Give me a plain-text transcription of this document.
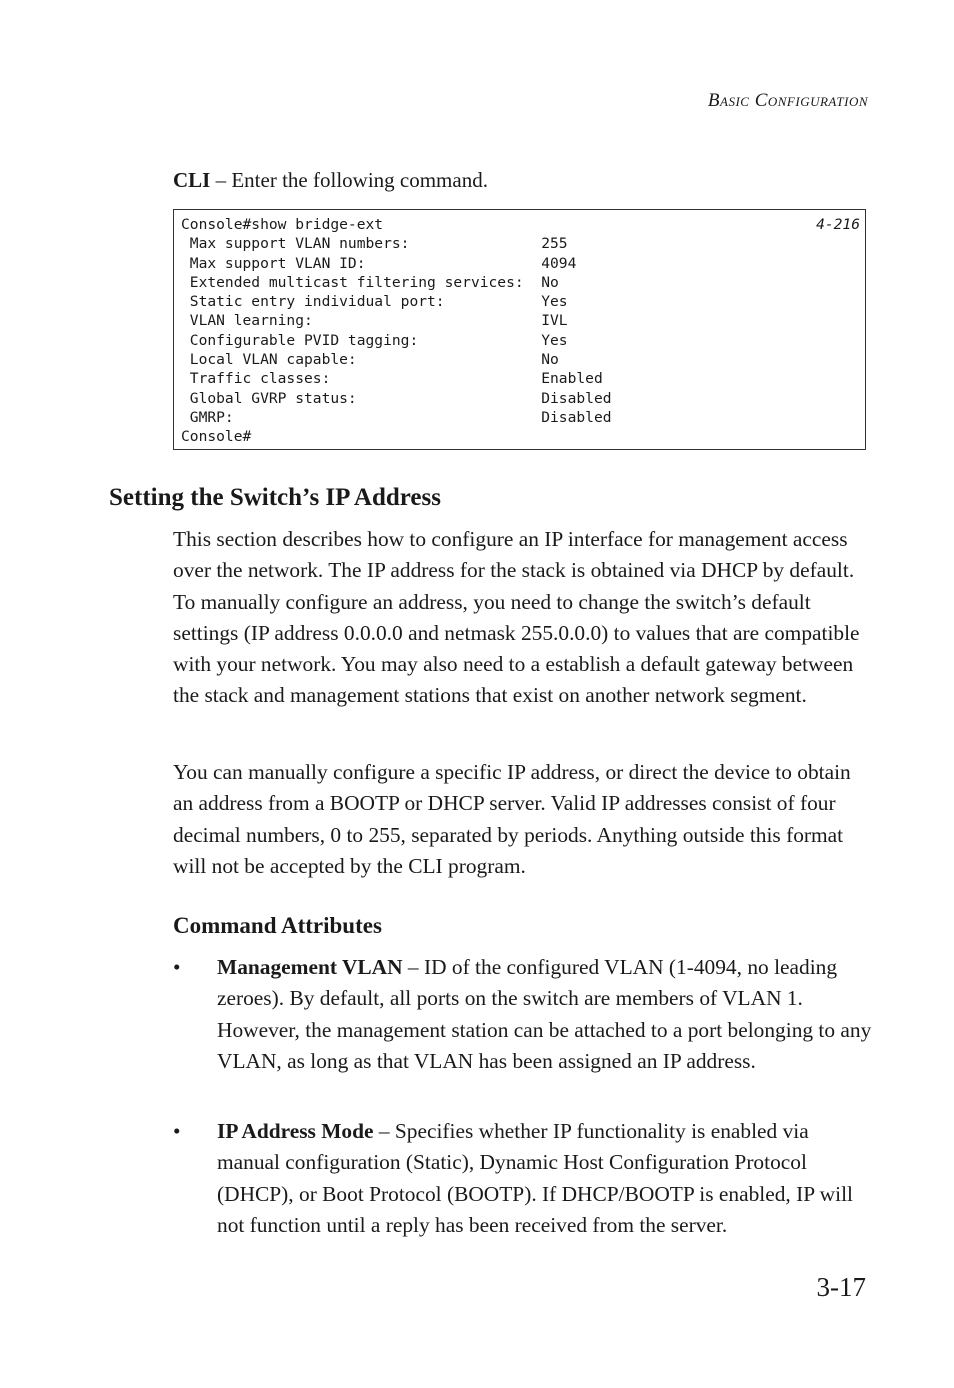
Basic Configuration
CLI – Enter the following command.
4-216
Console#show bridge-ext
Max support VLAN numbers:               255
Max support VLAN ID:                    4094
Extended multicast filtering services:  No
Static entry individual port:           Yes
VLAN learning:                          IVL
Configurable PVID tagging:              Yes
Local VLAN capable:                     No
Traffic classes:                        Enabled
Global GVRP status:                     Disabled
GMRP:                                   Disabled
Console#
Setting the Switch’s IP Address
This section describes how to configure an IP interface for management access over the network. The IP address for the stack is obtained via DHCP by default. To manually configure an address, you need to change the switch’s default settings (IP address 0.0.0.0 and netmask 255.0.0.0) to values that are compatible with your network. You may also need to a establish a default gateway between the stack and management stations that exist on another network segment.
You can manually configure a specific IP address, or direct the device to obtain an address from a BOOTP or DHCP server. Valid IP addresses consist of four decimal numbers, 0 to 255, separated by periods. Anything outside this format will not be accepted by the CLI program.
Command Attributes
• Management VLAN – ID of the configured VLAN (1-4094, no leading zeroes). By default, all ports on the switch are members of VLAN 1. However, the management station can be attached to a port belonging to any VLAN, as long as that VLAN has been assigned an IP address.
• IP Address Mode – Specifies whether IP functionality is enabled via manual configuration (Static), Dynamic Host Configuration Protocol (DHCP), or Boot Protocol (BOOTP). If DHCP/BOOTP is enabled, IP will not function until a reply has been received from the server.
3-17
